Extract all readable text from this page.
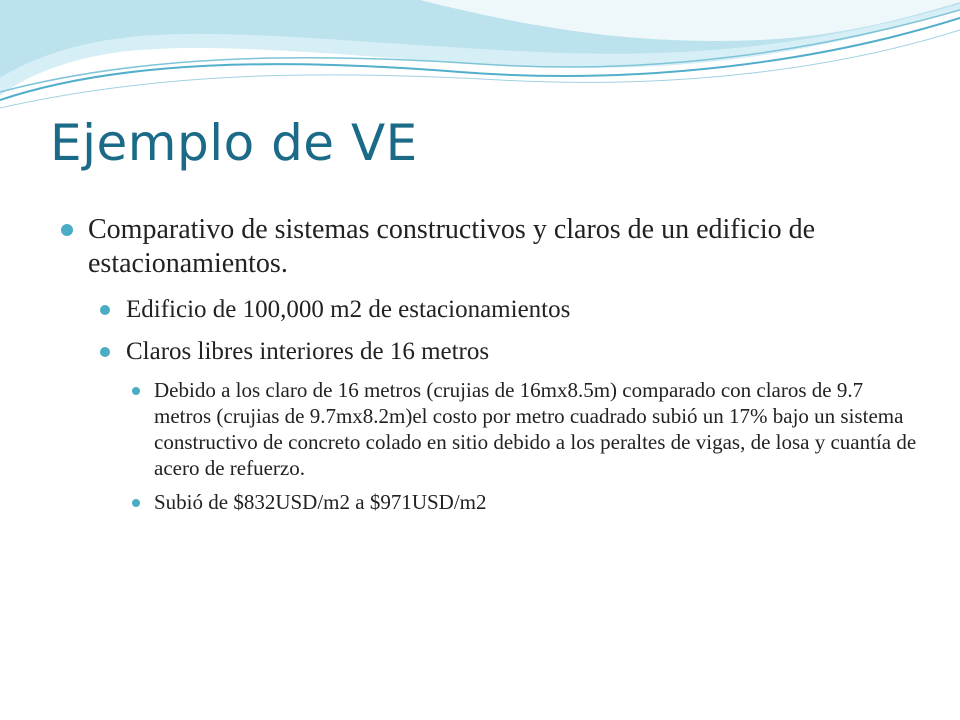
Ejemplo de VE
Comparativo de sistemas constructivos y claros de un edificio de estacionamientos.
Edificio de 100,000 m2 de estacionamientos
Claros libres interiores de 16 metros
Debido a los claro de 16 metros (crujias de 16mx8.5m) comparado con claros de 9.7 metros (crujias de 9.7mx8.2m)el costo por metro cuadrado subió un 17% bajo un sistema constructivo de concreto colado en sitio debido a los peraltes de vigas, de losa y cuantía de acero de refuerzo.
Subió de $832USD/m2 a $971USD/m2
